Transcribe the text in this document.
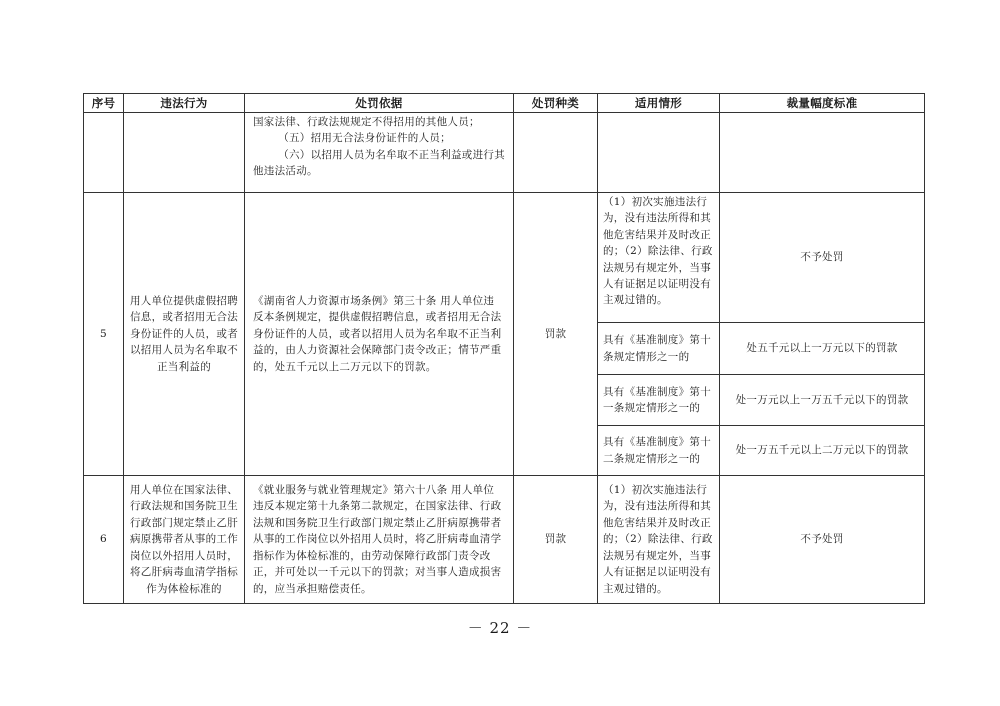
序号	违法行为	处罚依据	处罚种类	适用情形	裁量幅度标准
		国家法律、行政法规规定不得招用的其他人员；
（五）招用无合法身份证件的人员；
（六）以招用人员为名牟取不正当利益或进行其他违法活动。			

5	用人单位提供虚假招聘信息，或者招用无合法身份证件的人员，或者以招用人员为名牟取不正当利益的	《湖南省人力资源市场条例》第三十条 用人单位违反本条例规定，提供虚假招聘信息，或者招用无合法身份证件的人员，或者以招用人员为名牟取不正当利益的，由人力资源社会保障部门责令改正；情节严重的，处五千元以上二万元以下的罚款。	罚款	（1）初次实施违法行为，没有违法所得和其他危害结果并及时改正的；（2）除法律、行政法规另有规定外，当事人有证据足以证明没有主观过错的。	不予处罚
				具有《基准制度》第十条规定情形之一的	处五千元以上一万元以下的罚款
				具有《基准制度》第十一条规定情形之一的	处一万元以上一万五千元以下的罚款
				具有《基准制度》第十二条规定情形之一的	处一万五千元以上二万元以下的罚款
6	用人单位在国家法律、行政法规和国务院卫生行政部门规定禁止乙肝病原携带者从事的工作岗位以外招用人员时，将乙肝病毒血清学指标作为体检标准的	《就业服务与就业管理规定》第六十八条 用人单位违反本规定第十九条第二款规定，在国家法律、行政法规和国务院卫生行政部门规定禁止乙肝病原携带者从事的工作岗位以外招用人员时，将乙肝病毒血清学指标作为体检标准的，由劳动保障行政部门责令改正，并可处以一千元以下的罚款；对当事人造成损害的，应当承担赔偿责任。	罚款	（1）初次实施违法行为，没有违法所得和其他危害结果并及时改正的；（2）除法律、行政法规另有规定外，当事人有证据足以证明没有主观过错的。	不予处罚
－ 22 －
